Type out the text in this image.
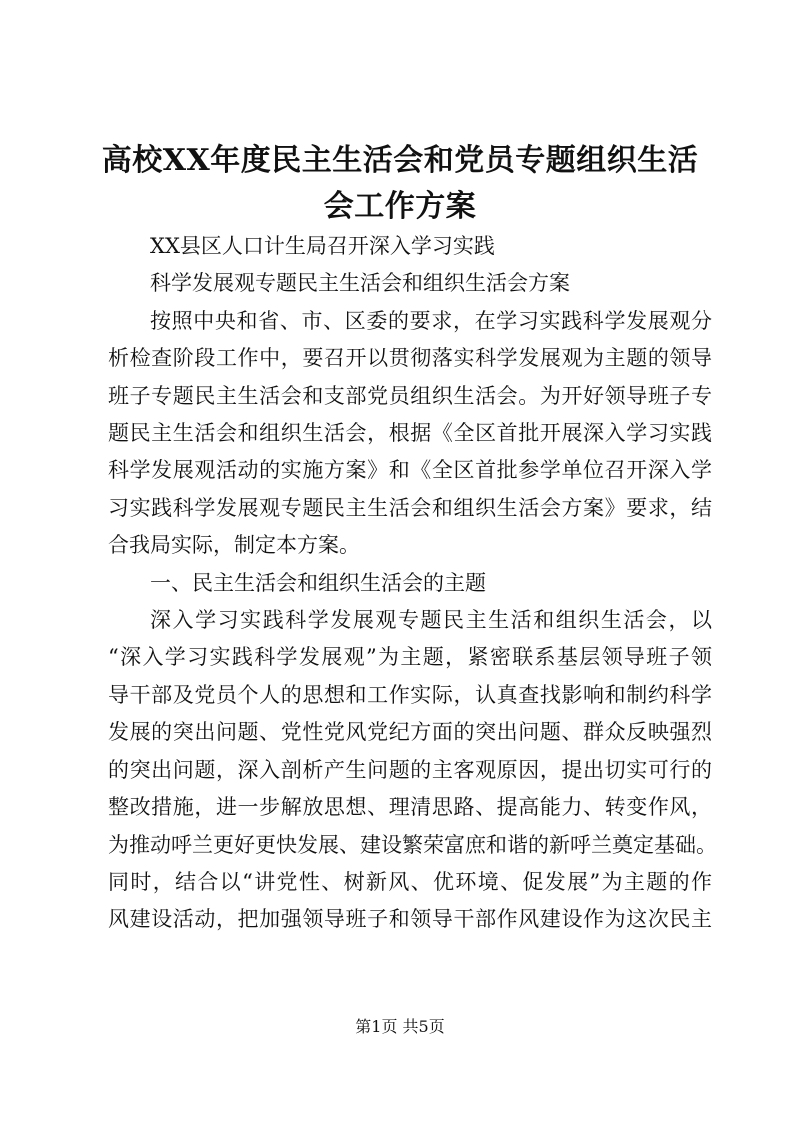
高校XX年度民主生活会和党员专题组织生活会工作方案

XX县区人口计生局召开深入学习实践

科学发展观专题民主生活会和组织生活会方案

按照中央和省、市、区委的要求，在学习实践科学发展观分

析检查阶段工作中，要召开以贯彻落实科学发展观为主题的领导

班子专题民主生活会和支部党员组织生活会。为开好领导班子专

题民主生活会和组织生活会，根据《全区首批开展深入学习实践

科学发展观活动的实施方案》和《全区首批参学单位召开深入学

习实践科学发展观专题民主生活会和组织生活会方案》要求，结

合我局实际，制定本方案。

一、民主生活会和组织生活会的主题

深入学习实践科学发展观专题民主生活和组织生活会，以

“深入学习实践科学发展观”为主题，紧密联系基层领导班子领

导干部及党员个人的思想和工作实际，认真查找影响和制约科学

发展的突出问题、党性党风党纪方面的突出问题、群众反映强烈

的突出问题，深入剖析产生问题的主客观原因，提出切实可行的

整改措施，进一步解放思想、理清思路、提高能力、转变作风，

为推动呼兰更好更快发展、建设繁荣富庶和谐的新呼兰奠定基础。

同时，结合以“讲党性、树新风、优环境、促发展”为主题的作

风建设活动，把加强领导班子和领导干部作风建设作为这次民主

第1页 共5页
